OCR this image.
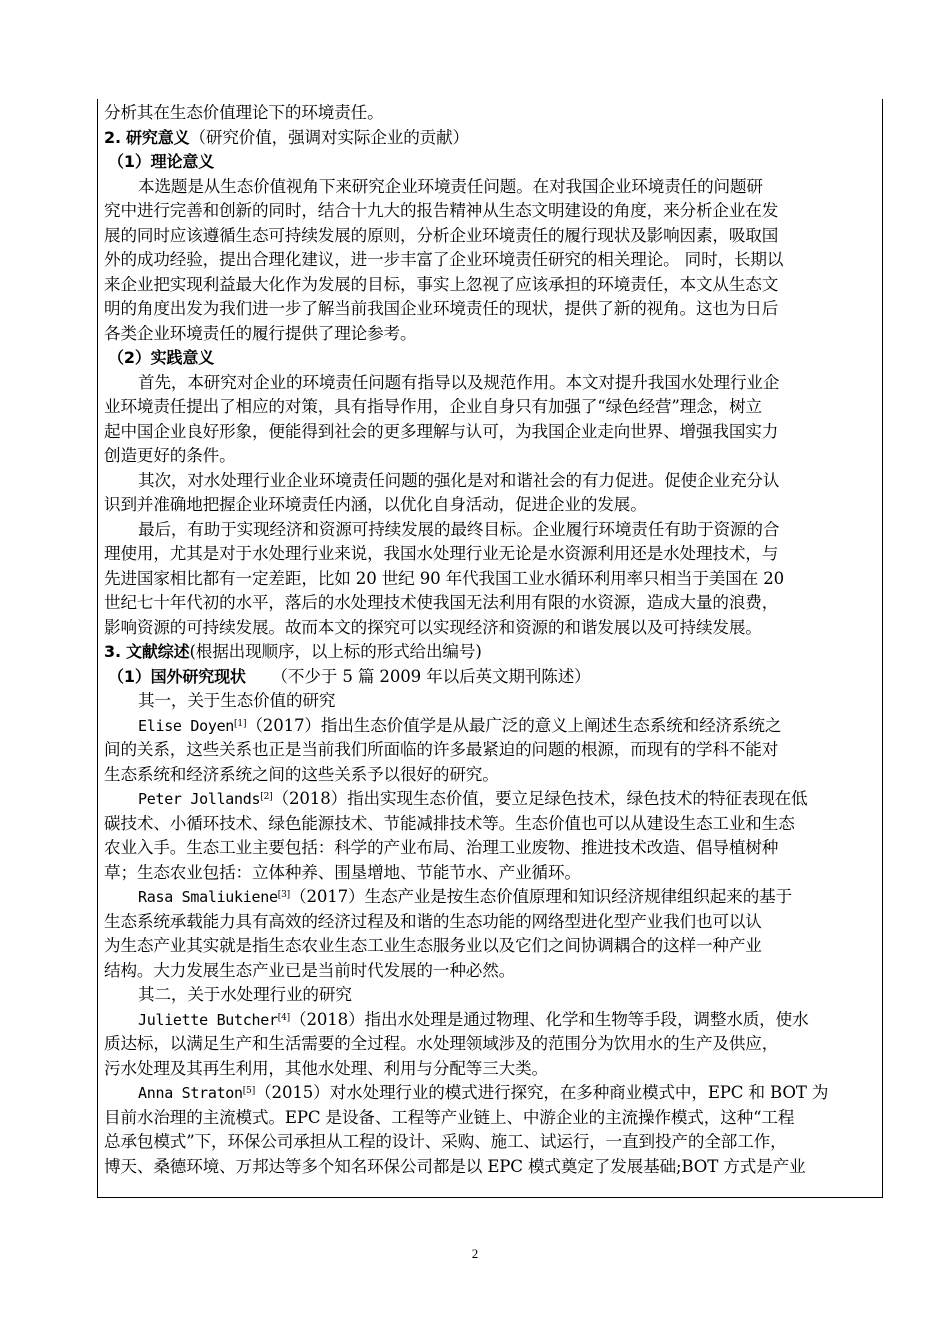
分析其在生态价值理论下的环境责任。
2. 研究意义（研究价值，强调对实际企业的贡献）
（1）理论意义
本选题是从生态价值视角下来研究企业环境责任问题。在对我国企业环境责任的问题研
究中进行完善和创新的同时，结合十九大的报告精神从生态文明建设的角度，来分析企业在发
展的同时应该遵循生态可持续发展的原则，分析企业环境责任的履行现状及影响因素，吸取国
外的成功经验，提出合理化建议，进一步丰富了企业环境责任研究的相关理论。 同时，长期以
来企业把实现利益最大化作为发展的目标，事实上忽视了应该承担的环境责任，本文从生态文
明的角度出发为我们进一步了解当前我国企业环境责任的现状，提供了新的视角。这也为日后
各类企业环境责任的履行提供了理论参考。
（2）实践意义
首先，本研究对企业的环境责任问题有指导以及规范作用。本文对提升我国水处理行业企
业环境责任提出了相应的对策，具有指导作用，企业自身只有加强了“绿色经营”理念，树立
起中国企业良好形象，便能得到社会的更多理解与认可，为我国企业走向世界、增强我国实力
创造更好的条件。
其次，对水处理行业企业环境责任问题的强化是对和谐社会的有力促进。促使企业充分认
识到并准确地把握企业环境责任内涵，以优化自身活动，促进企业的发展。
最后，有助于实现经济和资源可持续发展的最终目标。企业履行环境责任有助于资源的合
理使用，尤其是对于水处理行业来说，我国水处理行业无论是水资源利用还是水处理技术，与
先进国家相比都有一定差距，比如 20 世纪 90 年代我国工业水循环利用率只相当于美国在 20
世纪七十年代初的水平，落后的水处理技术使我国无法利用有限的水资源，造成大量的浪费，
影响资源的可持续发展。故而本文的探究可以实现经济和资源的和谐发展以及可持续发展。
3. 文献综述(根据出现顺序，以上标的形式给出编号)
（1）国外研究现状 （不少于 5 篇 2009 年以后英文期刊陈述）
其一，关于生态价值的研究
Elise Doyen[1]（2017）指出生态价值学是从最广泛的意义上阐述生态系统和经济系统之
间的关系，这些关系也正是当前我们所面临的许多最紧迫的问题的根源，而现有的学科不能对
生态系统和经济系统之间的这些关系予以很好的研究。
Peter Jollands[2]（2018）指出实现生态价值，要立足绿色技术，绿色技术的特征表现在低
碳技术、小循环技术、绿色能源技术、节能减排技术等。生态价值也可以从建设生态工业和生态
农业入手。生态工业主要包括：科学的产业布局、治理工业废物、推进技术改造、倡导植树种
草；生态农业包括：立体种养、围垦增地、节能节水、产业循环。
Rasa Smaliukiene[3]（2017）生态产业是按生态价值原理和知识经济规律组织起来的基于
生态系统承载能力具有高效的经济过程及和谐的生态功能的网络型进化型产业我们也可以认
为生态产业其实就是指生态农业生态工业生态服务业以及它们之间协调耦合的这样一种产业
结构。大力发展生态产业已是当前时代发展的一种必然。
其二，关于水处理行业的研究
Juliette Butcher[4]（2018）指出水处理是通过物理、化学和生物等手段，调整水质，使水
质达标，以满足生产和生活需要的全过程。水处理领域涉及的范围分为饮用水的生产及供应，
污水处理及其再生利用，其他水处理、利用与分配等三大类。
Anna Straton[5]（2015）对水处理行业的模式进行探究，在多种商业模式中，EPC 和 BOT 为
目前水治理的主流模式。EPC 是设备、工程等产业链上、中游企业的主流操作模式，这种“工程
总承包模式”下，环保公司承担从工程的设计、采购、施工、试运行，一直到投产的全部工作，
博天、桑德环境、万邦达等多个知名环保公司都是以 EPC 模式奠定了发展基础;BOT 方式是产业
2
